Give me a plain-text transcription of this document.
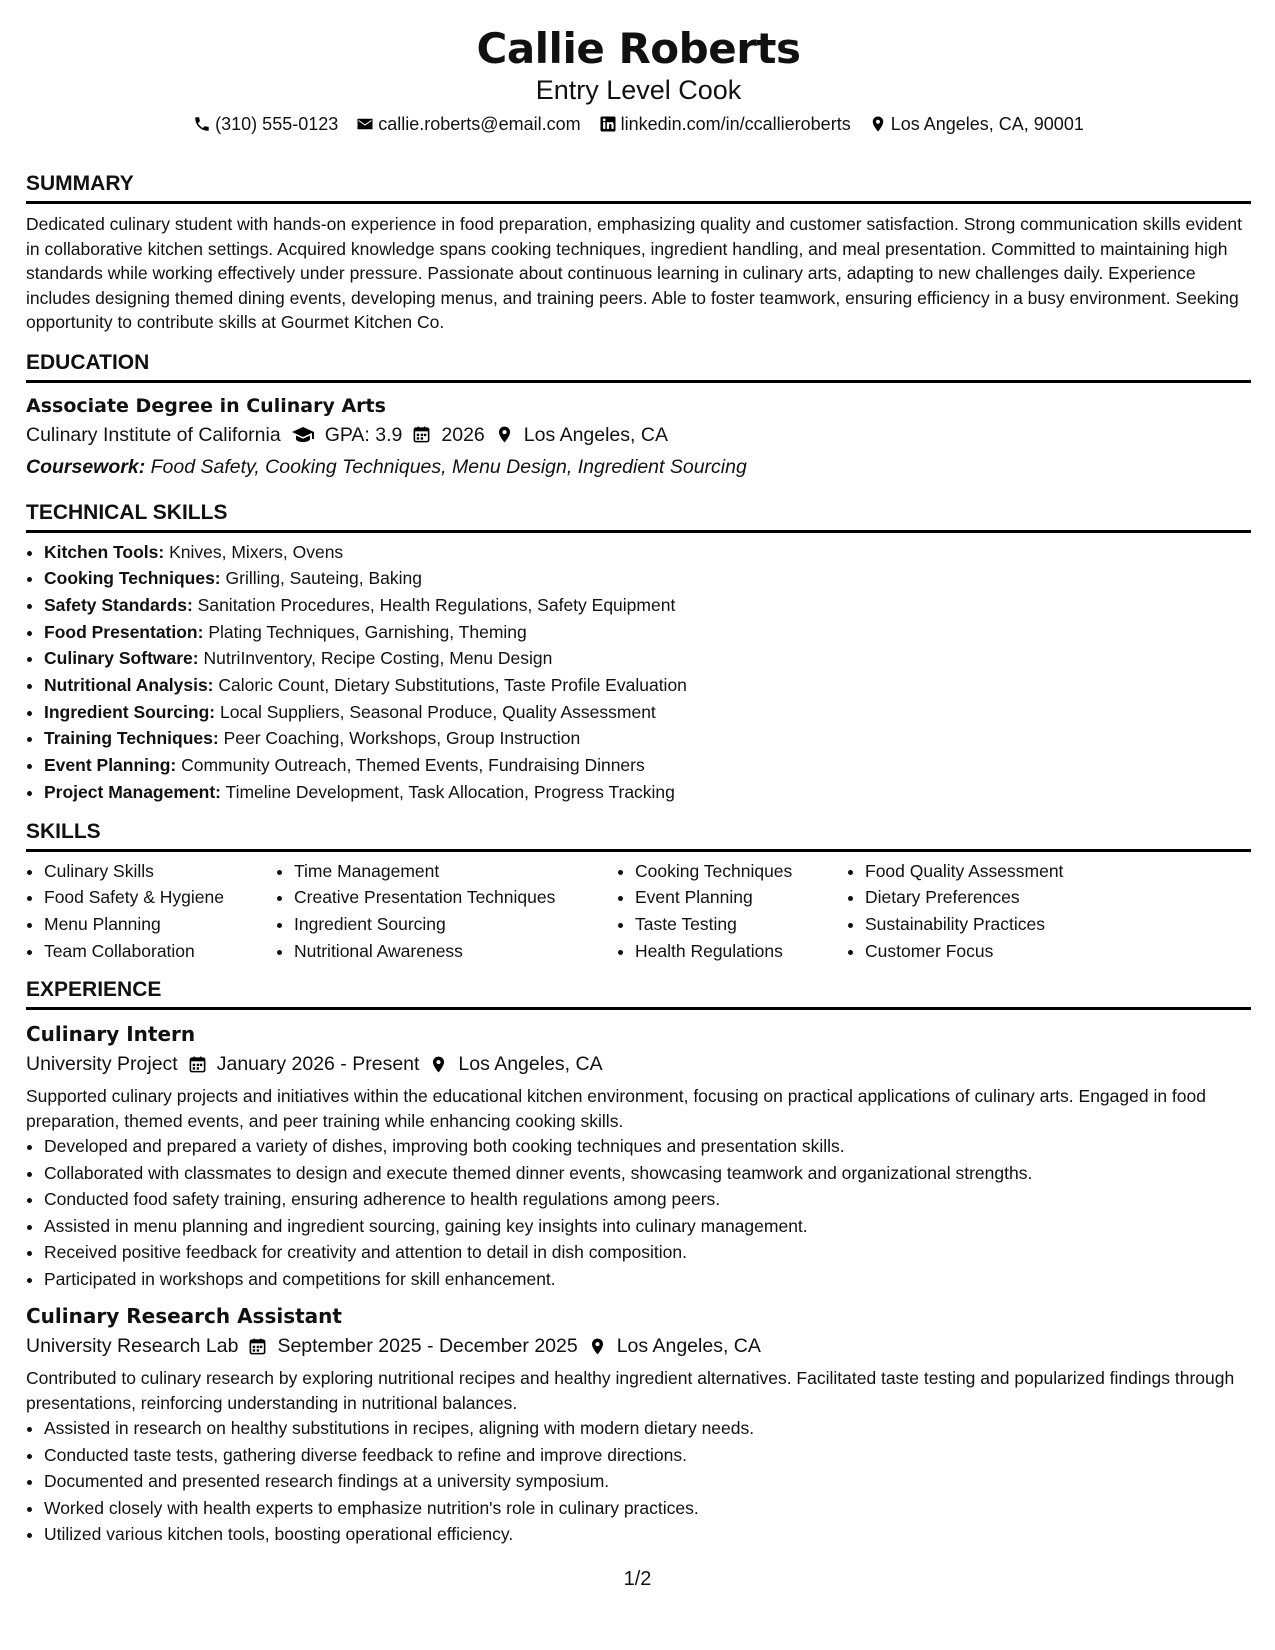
Callie Roberts
Entry Level Cook
(310) 555-0123 callie.roberts@email.com linkedin.com/in/ccallieroberts Los Angeles, CA, 90001
SUMMARY
Dedicated culinary student with hands-on experience in food preparation, emphasizing quality and customer satisfaction. Strong communication skills evident in collaborative kitchen settings. Acquired knowledge spans cooking techniques, ingredient handling, and meal presentation. Committed to maintaining high standards while working effectively under pressure. Passionate about continuous learning in culinary arts, adapting to new challenges daily. Experience includes designing themed dining events, developing menus, and training peers. Able to foster teamwork, ensuring efficiency in a busy environment. Seeking opportunity to contribute skills at Gourmet Kitchen Co.
EDUCATION
Associate Degree in Culinary Arts
Culinary Institute of California GPA: 3.9 2026 Los Angeles, CA
Coursework: Food Safety, Cooking Techniques, Menu Design, Ingredient Sourcing
TECHNICAL SKILLS
• Kitchen Tools: Knives, Mixers, Ovens
• Cooking Techniques: Grilling, Sauteing, Baking
• Safety Standards: Sanitation Procedures, Health Regulations, Safety Equipment
• Food Presentation: Plating Techniques, Garnishing, Theming
• Culinary Software: NutriInventory, Recipe Costing, Menu Design
• Nutritional Analysis: Caloric Count, Dietary Substitutions, Taste Profile Evaluation
• Ingredient Sourcing: Local Suppliers, Seasonal Produce, Quality Assessment
• Training Techniques: Peer Coaching, Workshops, Group Instruction
• Event Planning: Community Outreach, Themed Events, Fundraising Dinners
• Project Management: Timeline Development, Task Allocation, Progress Tracking
SKILLS
• Culinary Skills
• Food Safety & Hygiene
• Menu Planning
• Team Collaboration
• Time Management
• Creative Presentation Techniques
• Ingredient Sourcing
• Nutritional Awareness
• Cooking Techniques
• Event Planning
• Taste Testing
• Health Regulations
• Food Quality Assessment
• Dietary Preferences
• Sustainability Practices
• Customer Focus
EXPERIENCE
Culinary Intern
University Project January 2026 - Present Los Angeles, CA
Supported culinary projects and initiatives within the educational kitchen environment, focusing on practical applications of culinary arts. Engaged in food preparation, themed events, and peer training while enhancing cooking skills.
• Developed and prepared a variety of dishes, improving both cooking techniques and presentation skills.
• Collaborated with classmates to design and execute themed dinner events, showcasing teamwork and organizational strengths.
• Conducted food safety training, ensuring adherence to health regulations among peers.
• Assisted in menu planning and ingredient sourcing, gaining key insights into culinary management.
• Received positive feedback for creativity and attention to detail in dish composition.
• Participated in workshops and competitions for skill enhancement.
Culinary Research Assistant
University Research Lab September 2025 - December 2025 Los Angeles, CA
Contributed to culinary research by exploring nutritional recipes and healthy ingredient alternatives. Facilitated taste testing and popularized findings through presentations, reinforcing understanding in nutritional balances.
• Assisted in research on healthy substitutions in recipes, aligning with modern dietary needs.
• Conducted taste tests, gathering diverse feedback to refine and improve directions.
• Documented and presented research findings at a university symposium.
• Worked closely with health experts to emphasize nutrition's role in culinary practices.
• Utilized various kitchen tools, boosting operational efficiency.
1/2
